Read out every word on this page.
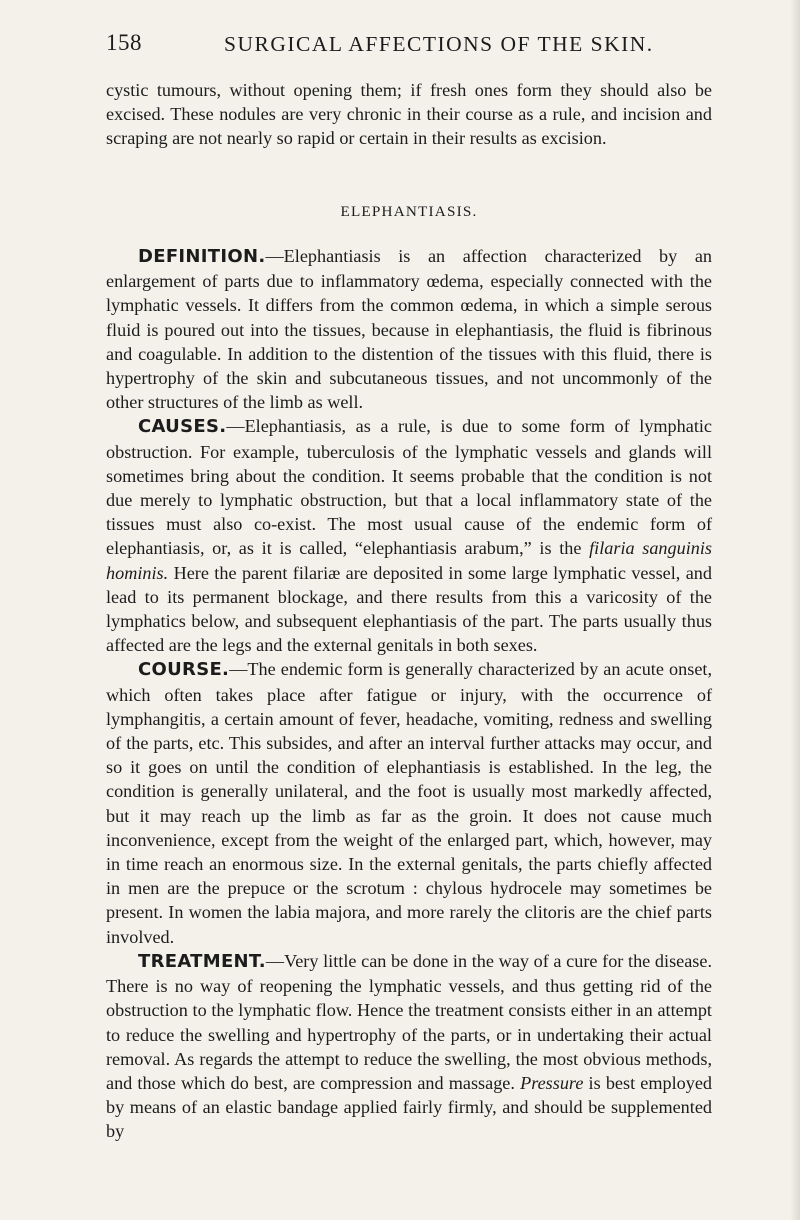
158	SURGICAL AFFECTIONS OF THE SKIN.

cystic tumours, without opening them; if fresh ones form they should also be excised. These nodules are very chronic in their course as a rule, and incision and scraping are not nearly so rapid or certain in their results as excision.

ELEPHANTIASIS.

DEFINITION.—Elephantiasis is an affection characterized by an enlargement of parts due to inflammatory œdema, especially connected with the lymphatic vessels. It differs from the common œdema, in which a simple serous fluid is poured out into the tissues, because in elephantiasis, the fluid is fibrinous and coagulable. In addition to the distention of the tissues with this fluid, there is hypertrophy of the skin and subcutaneous tissues, and not uncommonly of the other structures of the limb as well.

CAUSES.—Elephantiasis, as a rule, is due to some form of lymphatic obstruction. For example, tuberculosis of the lymphatic vessels and glands will sometimes bring about the condition. It seems probable that the condition is not due merely to lymphatic obstruction, but that a local inflammatory state of the tissues must also co-exist. The most usual cause of the endemic form of elephantiasis, or, as it is called, “elephantiasis arabum,” is the filaria sanguinis hominis. Here the parent filariæ are deposited in some large lymphatic vessel, and lead to its permanent blockage, and there results from this a varicosity of the lymphatics below, and subsequent elephantiasis of the part. The parts usually thus affected are the legs and the external genitals in both sexes.

COURSE.—The endemic form is generally characterized by an acute onset, which often takes place after fatigue or injury, with the occurrence of lymphangitis, a certain amount of fever, headache, vomiting, redness and swelling of the parts, etc. This subsides, and after an interval further attacks may occur, and so it goes on until the condition of elephantiasis is established. In the leg, the condition is generally unilateral, and the foot is usually most markedly affected, but it may reach up the limb as far as the groin. It does not cause much inconvenience, except from the weight of the enlarged part, which, however, may in time reach an enormous size. In the external genitals, the parts chiefly affected in men are the prepuce or the scrotum : chylous hydrocele may sometimes be present. In women the labia majora, and more rarely the clitoris are the chief parts involved.

TREATMENT.—Very little can be done in the way of a cure for the disease. There is no way of reopening the lymphatic vessels, and thus getting rid of the obstruction to the lymphatic flow. Hence the treatment consists either in an attempt to reduce the swelling and hypertrophy of the parts, or in undertaking their actual removal. As regards the attempt to reduce the swelling, the most obvious methods, and those which do best, are compression and massage. Pressure is best employed by means of an elastic bandage applied fairly firmly, and should be supplemented by
